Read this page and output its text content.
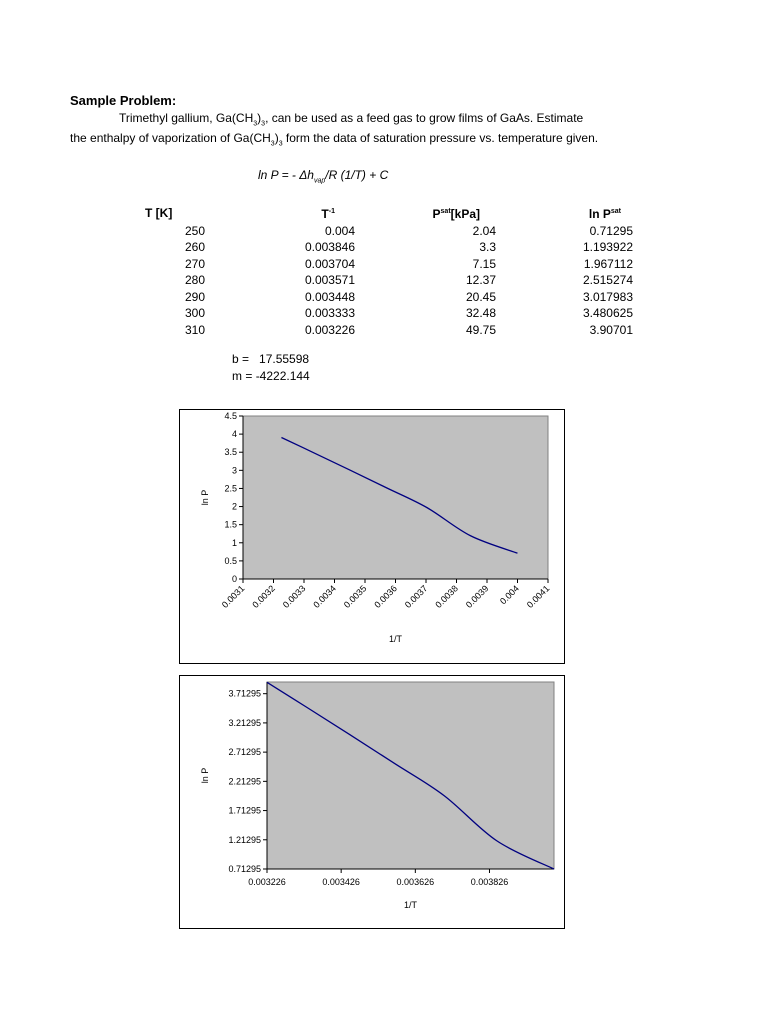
Sample Problem:
Trimethyl gallium, $Ga(CH_3)_3$, can be used as a feed gas to grow films of GaAs. Estimate
the enthalpy of vaporization of $Ga(CH_3)_3$ form the data of saturation pressure vs. temperature given.
ln P = - $\Delta h_{vap}/R$ (1/T) + C
T [K]	$T^{-1}$	$P^{sat}[kPa]$	$\ln P^{sat}$
250	0.004	2.04	0.71295
260	0.003846	3.3	1.193922
270	0.003704	7.15	1.967112
280	0.003571	12.37	2.515274
290	0.003448	20.45	3.017983
300	0.003333	32.48	3.480625
310	0.003226	49.75	3.90701
b = 17.55598
m = -4222.144
0
0.5
1
1.5
2
2.5
3
3.5
4
4.5
0.0031 0.0032 0.0033 0.0034 0.0035 0.0036 0.0037 0.0038 0.0039 0.004 0.0041
1/T
ln P
0.71295
1.21295
1.71295
2.21295
2.71295
3.21295
3.71295
0.003226	0.003426	0.003626	0.003826
1/T
ln P
